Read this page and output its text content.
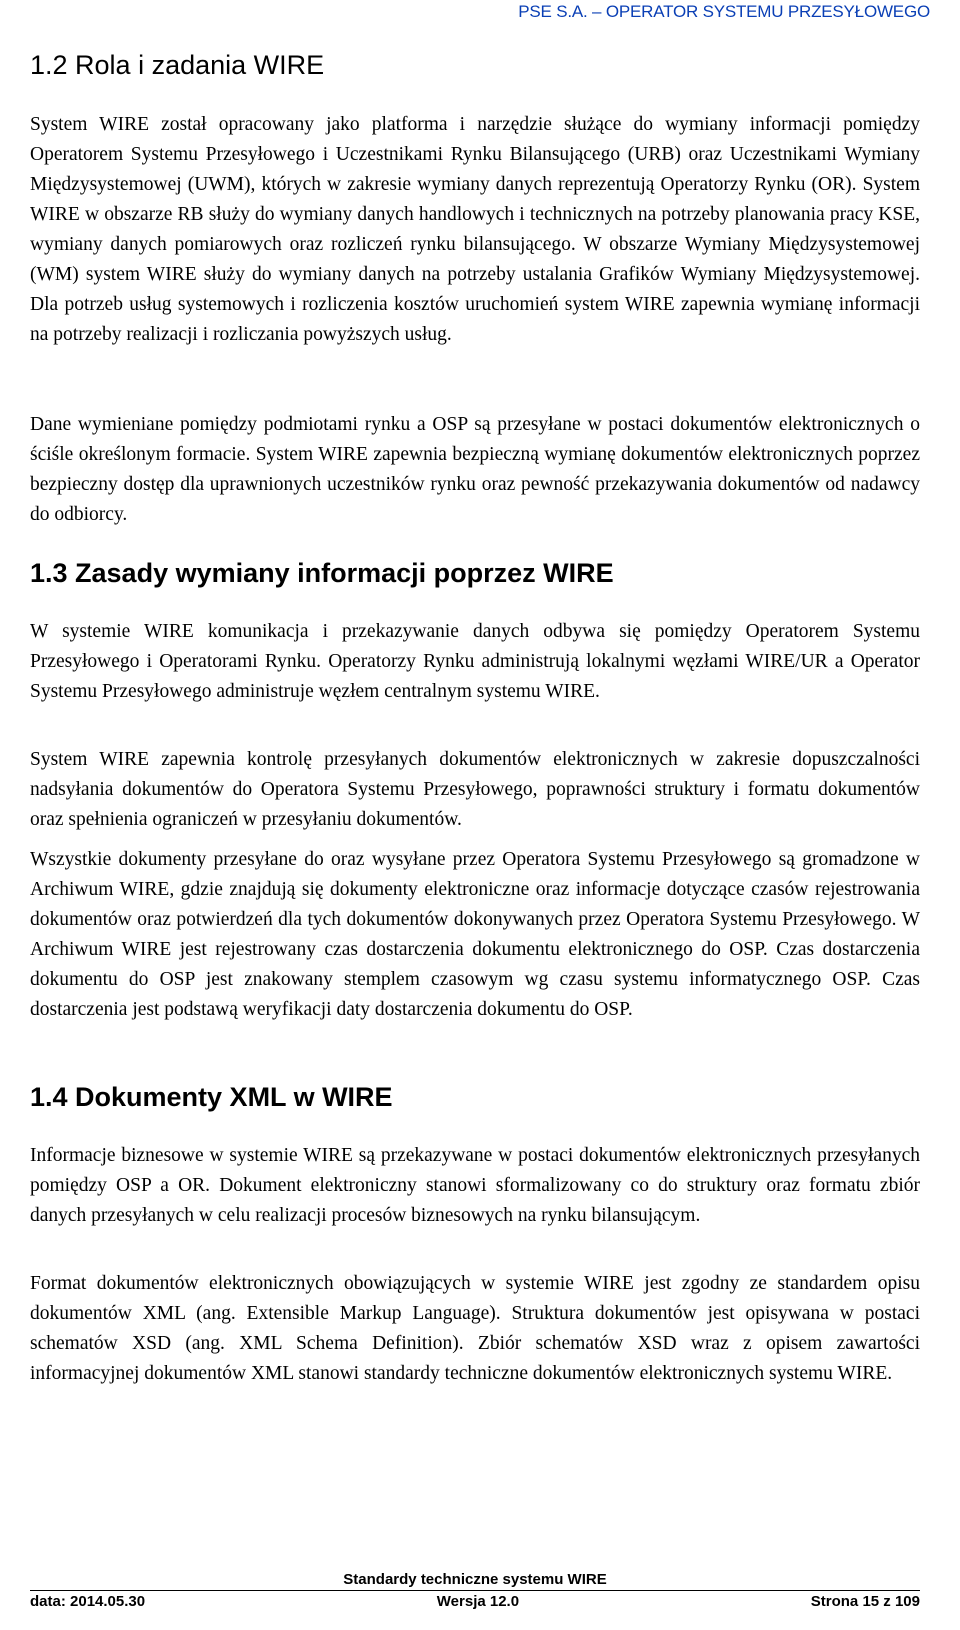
PSE S.A. – OPERATOR SYSTEMU PRZESYŁOWEGO
1.2 Rola i zadania WIRE

System WIRE został opracowany jako platforma i narzędzie służące do wymiany informacji pomiędzy Operatorem Systemu Przesyłowego i Uczestnikami Rynku Bilansującego (URB) oraz Uczestnikami Wymiany Międzysystemowej (UWM), których w zakresie wymiany danych reprezentują Operatorzy Rynku (OR). System WIRE w obszarze RB służy do wymiany danych handlowych i technicznych na potrzeby planowania pracy KSE, wymiany danych pomiarowych oraz rozliczeń rynku bilansującego. W obszarze Wymiany Międzysystemowej (WM) system WIRE służy do wymiany danych na potrzeby ustalania Grafików Wymiany Międzysystemowej. Dla potrzeb usług systemowych i rozliczenia kosztów uruchomień system WIRE zapewnia wymianę informacji na potrzeby realizacji i rozliczania powyższych usług.

Dane wymieniane pomiędzy podmiotami rynku a OSP są przesyłane w postaci dokumentów elektronicznych o ściśle określonym formacie. System WIRE zapewnia bezpieczną wymianę dokumentów elektronicznych poprzez bezpieczny dostęp dla uprawnionych uczestników rynku oraz pewność przekazywania dokumentów od nadawcy do odbiorcy.

1.3 Zasady wymiany informacji poprzez WIRE

W systemie WIRE komunikacja i przekazywanie danych odbywa się pomiędzy Operatorem Systemu Przesyłowego i Operatorami Rynku. Operatorzy Rynku administrują lokalnymi węzłami WIRE/UR a Operator Systemu Przesyłowego administruje węzłem centralnym systemu WIRE.

System WIRE zapewnia kontrolę przesyłanych dokumentów elektronicznych w zakresie dopuszczalności nadsyłania dokumentów do Operatora Systemu Przesyłowego, poprawności struktury i formatu dokumentów oraz spełnienia ograniczeń w przesyłaniu dokumentów.

Wszystkie dokumenty przesyłane do oraz wysyłane przez Operatora Systemu Przesyłowego są gromadzone w Archiwum WIRE, gdzie znajdują się dokumenty elektroniczne oraz informacje dotyczące czasów rejestrowania dokumentów oraz potwierdzeń dla tych dokumentów dokonywanych przez Operatora Systemu Przesyłowego. W Archiwum WIRE jest rejestrowany czas dostarczenia dokumentu elektronicznego do OSP. Czas dostarczenia dokumentu do OSP jest znakowany stemplem czasowym wg czasu systemu informatycznego OSP. Czas dostarczenia jest podstawą weryfikacji daty dostarczenia dokumentu do OSP.

1.4 Dokumenty XML w WIRE

Informacje biznesowe w systemie WIRE są przekazywane w postaci dokumentów elektronicznych przesyłanych pomiędzy OSP a OR. Dokument elektroniczny stanowi sformalizowany co do struktury oraz formatu zbiór danych przesyłanych w celu realizacji procesów biznesowych na rynku bilansującym.

Format dokumentów elektronicznych obowiązujących w systemie WIRE jest zgodny ze standardem opisu dokumentów XML (ang. Extensible Markup Language). Struktura dokumentów jest opisywana w postaci schematów XSD (ang. XML Schema Definition). Zbiór schematów XSD wraz z opisem zawartości informacyjnej dokumentów XML stanowi standardy techniczne dokumentów elektronicznych systemu WIRE.

Standardy techniczne systemu WIRE
data: 2014.05.30	Wersja 12.0	Strona 15 z 109
